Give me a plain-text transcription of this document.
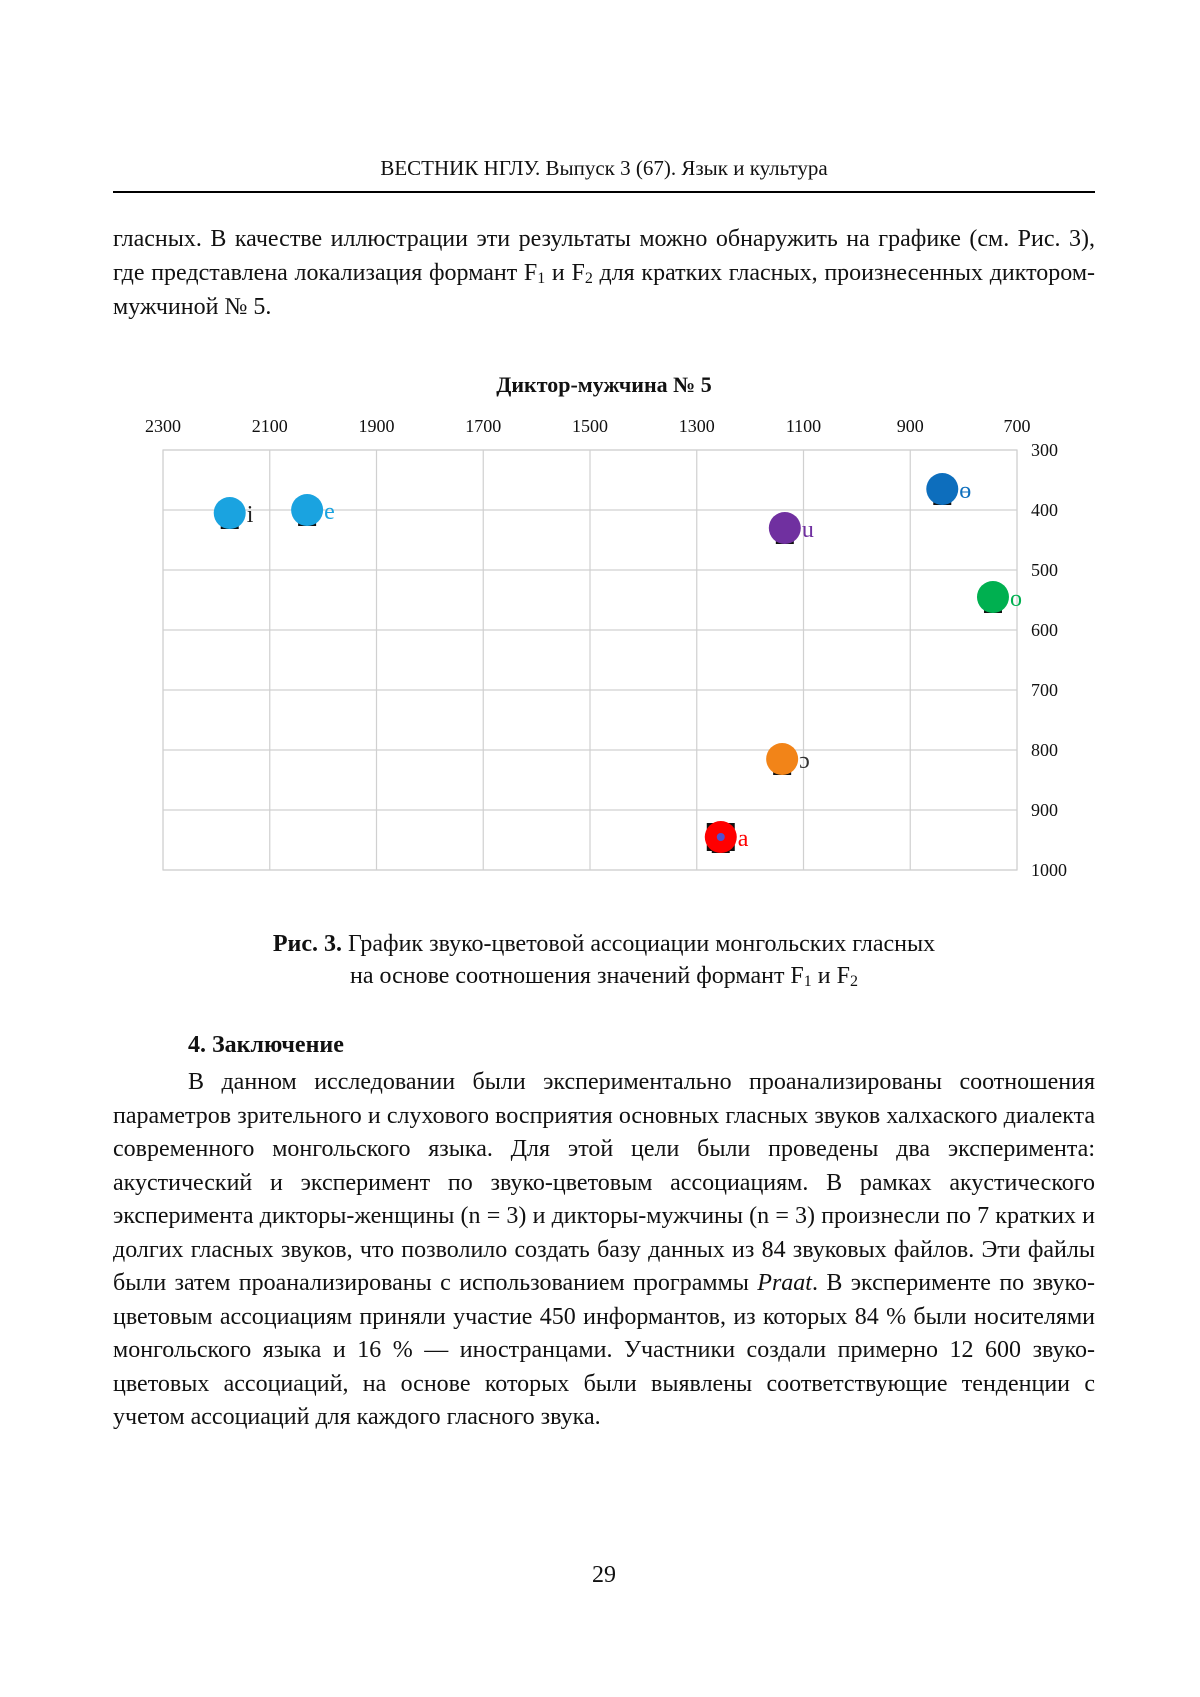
ВЕСТНИК НГЛУ. Выпуск 3 (67). Язык и культура

гласных. В качестве иллюстрации эти результаты можно обнаружить на графике (см. Рис. 3), где представлена локализация формант F1 и F2 для кратких гласных, произнесенных диктором-мужчиной № 5.

Диктор-мужчина № 5
2300	2100	1900	1700	1500	1300	1100	900	700
300
400
500
600
700
800
900
1000
i	e
u
ө
o
ɔ
a
Рис. 3. График звуко-цветовой ассоциации монгольских гласных
на основе соотношения значений формант F1 и F2
4. Заключение

В данном исследовании были экспериментально проанализированы соотношения параметров зрительного и слухового восприятия основных гласных звуков халхаского диалекта современного монгольского языка. Для этой цели были проведены два эксперимента: акустический и эксперимент по звуко-цветовым ассоциациям. В рамках акустического эксперимента дикторы-женщины (n = 3) и дикторы-мужчины (n = 3) произнесли по 7 кратких и долгих гласных звуков, что позволило создать базу данных из 84 звуковых файлов. Эти файлы были затем проанализированы с использованием программы Praat. В эксперименте по звуко-цветовым ассоциациям приняли участие 450 информантов, из которых 84 % были носителями монгольского языка и 16 % — иностранцами. Участники создали примерно 12 600 звуко-цветовых ассоциаций, на основе которых были выявлены соответствующие тенденции с учетом ассоциаций для каждого гласного звука.

29
